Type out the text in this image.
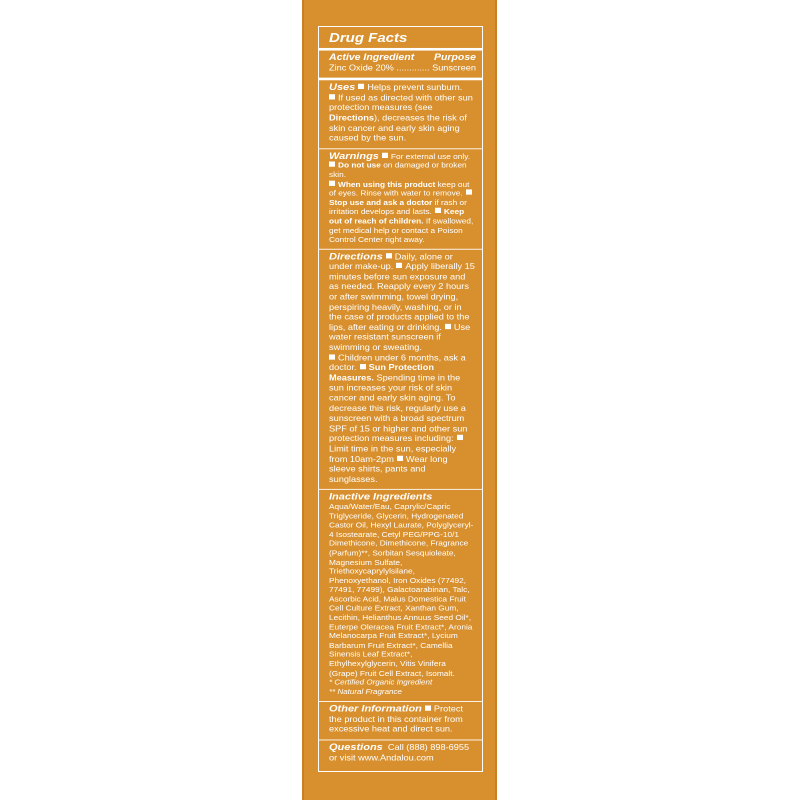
Drug Facts
Active Ingredient Purpose
Zinc Oxide 20% ............. Sunscreen
Uses Helps prevent sunburn.
If used as directed with other sun protection measures (see Directions), decreases the risk of skin cancer and early skin aging caused by the sun.
Warnings For external use only.
Do not use on damaged or broken skin.
When using this product keep out of eyes. Rinse with water to remove.Stop use and ask a doctor if rash or irritation develops and lasts. Keep out of reach of children. If swallowed, get medical help or contact a Poison Control Center right away.
Directions Daily, alone or under make-up. Apply liberally 15 minutes before sun exposure and as needed. Reapply every 2 hours or after swimming, towel drying, perspiring heavily, washing, or in the case of products applied to the lips, after eating or drinking. Use water resistant sunscreen if swimming or sweating.
Children under 6 months, ask a doctor. Sun Protection Measures. Spending time in the sun increases your risk of skin cancer and early skin aging. To decrease this risk, regularly use a sunscreen with a broad spectrum SPF of 15 or higher and other sun protection measures including:Limit time in the sun, especially from 10am-2pm Wear long sleeve shirts, pants and sunglasses.
Inactive Ingredients
Aqua/Water/Eau, Caprylic/Capric Triglyceride, Glycerin, Hydrogenated Castor Oil, Hexyl Laurate, Polyglyceryl-4 Isostearate, Cetyl PEG/PPG-10/1 Dimethicone, Dimethicone, Fragrance (Parfum)**, Sorbitan Sesquioleate, Magnesium Sulfate, Triethoxycaprylylsilane, Phenoxyethanol, Iron Oxides (77492, 77491, 77499), Galactoarabinan, Talc, Ascorbic Acid, Malus Domestica Fruit Cell Culture Extract, Xanthan Gum, Lecithin, Helianthus Annuus Seed Oil*, Euterpe Oleracea Fruit Extract*, Aronia Melanocarpa Fruit Extract*, Lycium Barbarum Fruit Extract*, Camellia Sinensis Leaf Extract*, Ethylhexylglycerin, Vitis Vinifera (Grape) Fruit Cell Extract, Isomalt.
* Certified Organic Ingredient
** Natural Fragrance
Other Information Protect the product in this container from excessive heat and direct sun.
Questions Call (888) 898-6955 or visit www.Andalou.com
